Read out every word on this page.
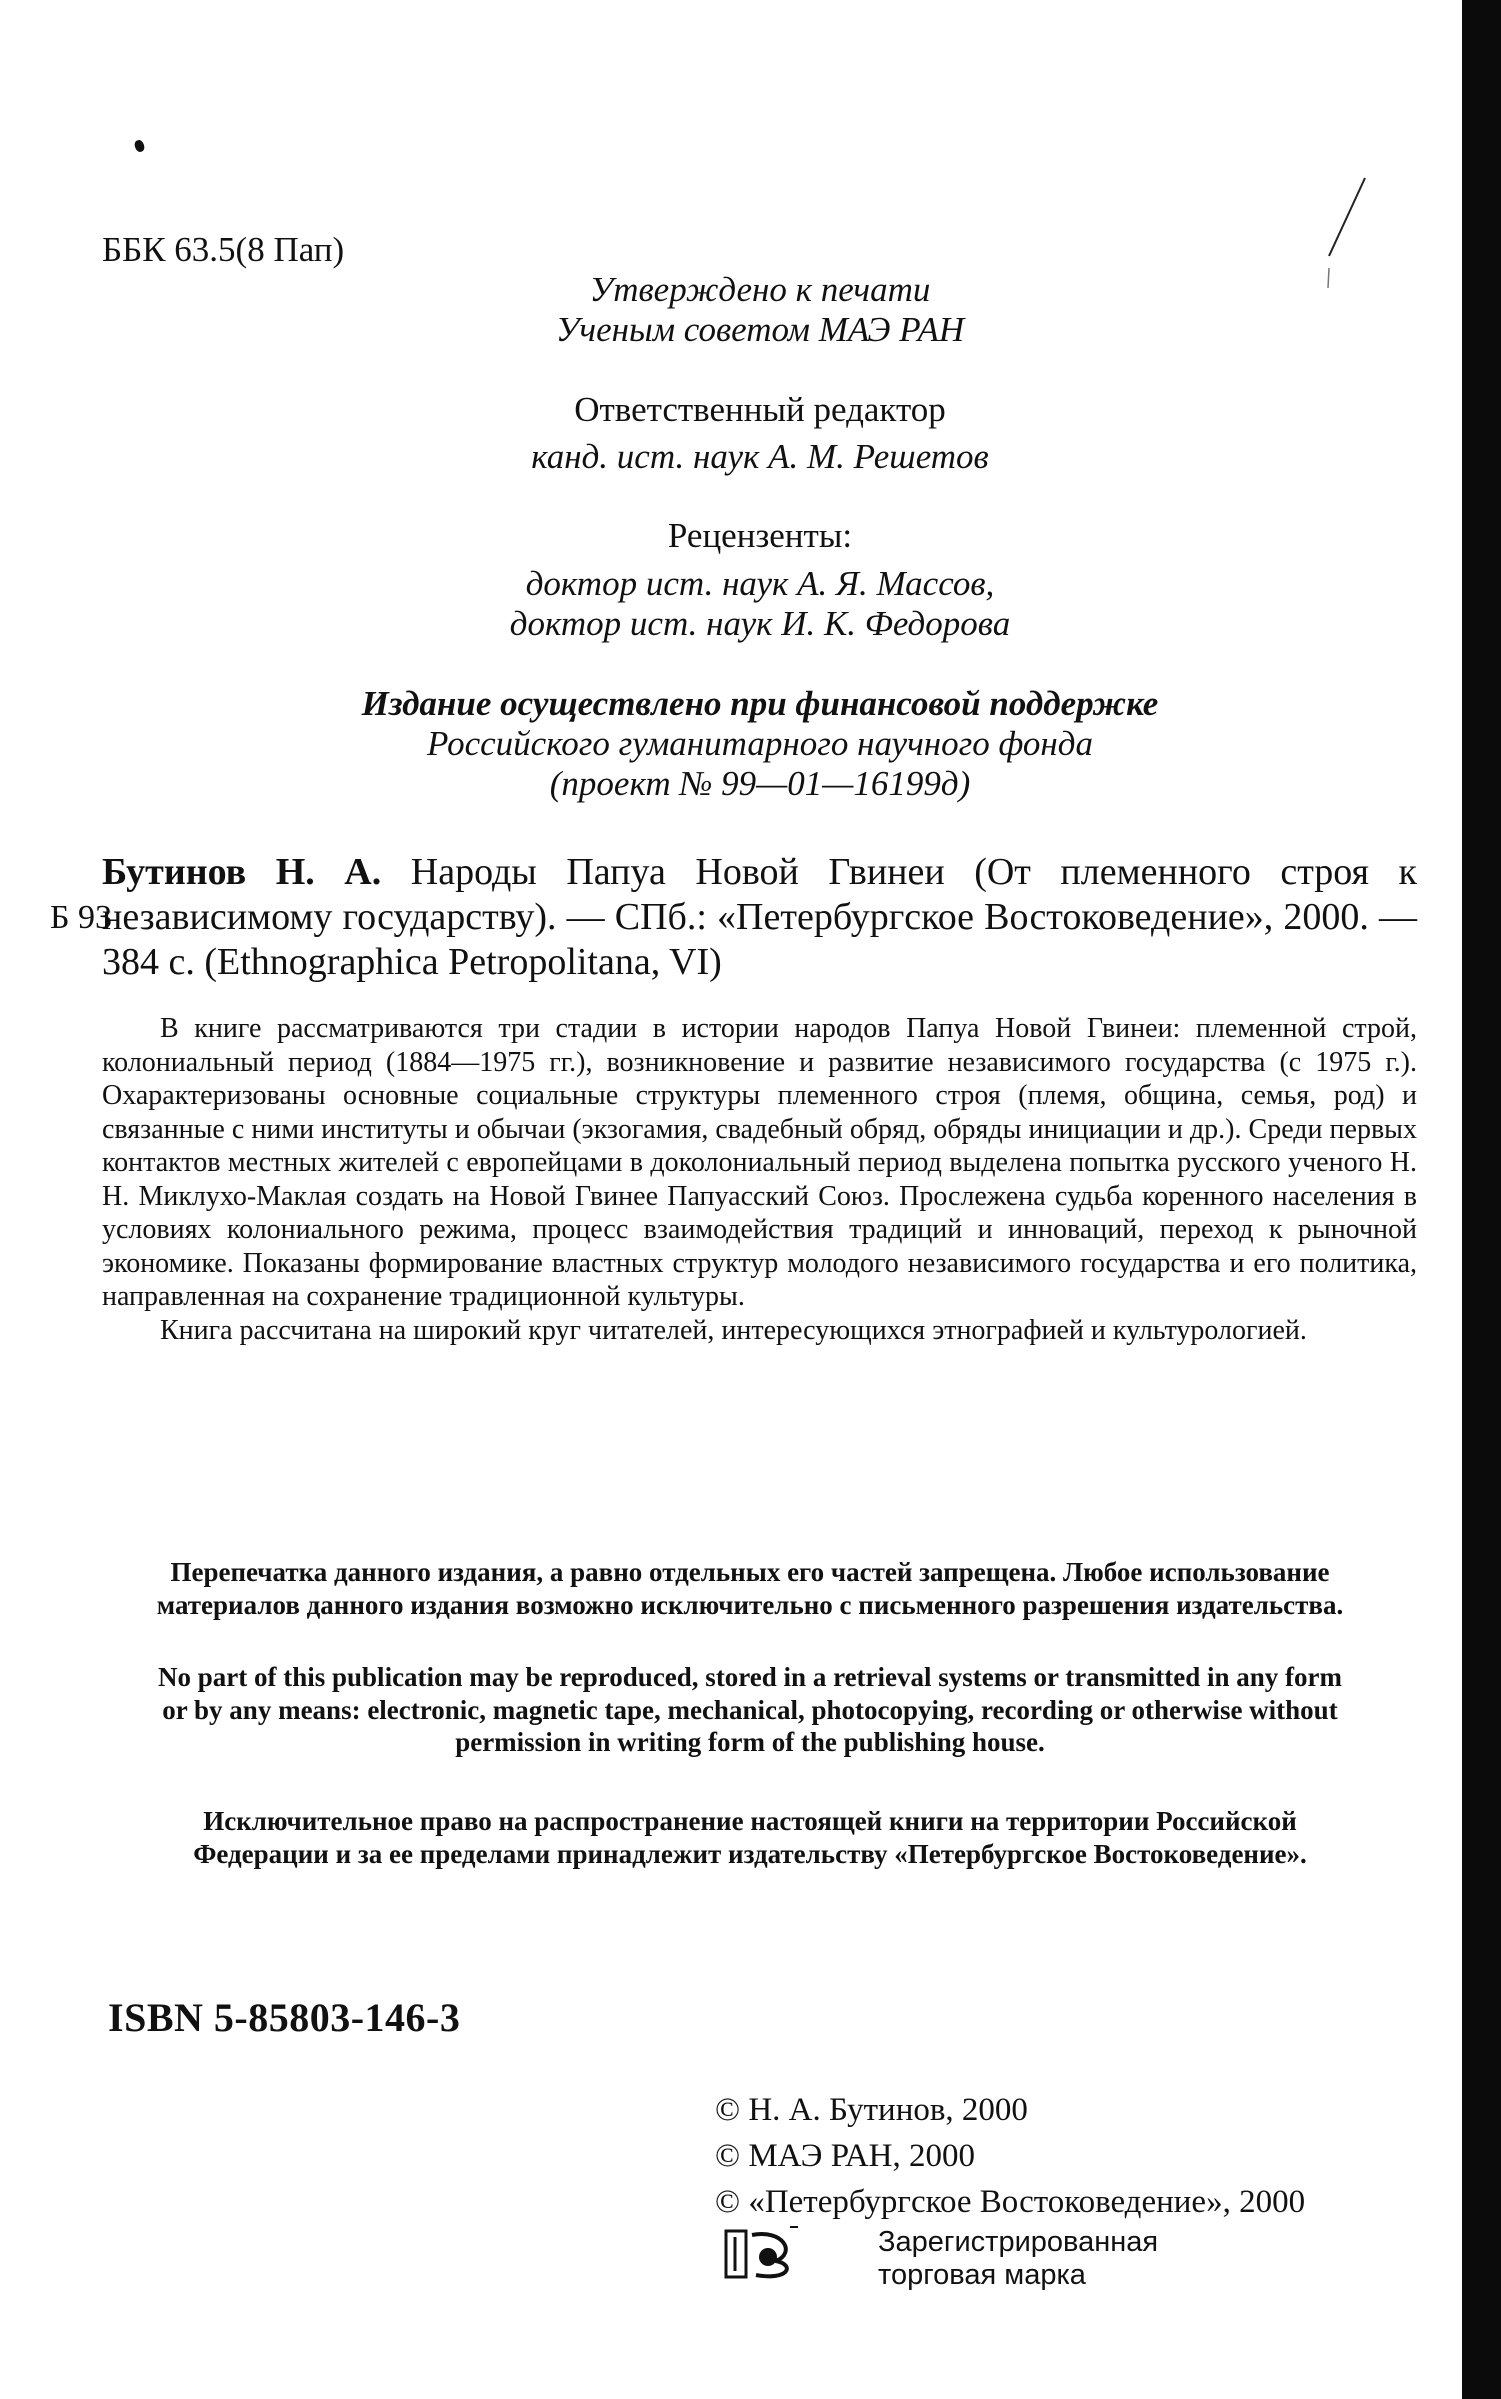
ББК 63.5(8 Пап)
Утверждено к печати
Ученым советом МАЭ РАН
Ответственный редактор
канд. ист. наук А. М. Решетов
Рецензенты:
доктор ист. наук А. Я. Массов,
доктор ист. наук И. К. Федорова
Издание осуществлено при финансовой поддержке
Российского гуманитарного научного фонда
(проект № 99—01—16199д)
Б 93
Бутинов Н. А. Народы Папуа Новой Гвинеи (От племенного строя к независимому государству). — СПб.: «Петербургское Востоковедение», 2000. — 384 с. (Ethnographica Petropolitana, VI)

В книге рассматриваются три стадии в истории народов Папуа Новой Гвинеи: племенной строй, колониальный период (1884—1975 гг.), возникновение и развитие независимого государства (с 1975 г.). Охарактеризованы основные социальные структуры племенного строя (племя, община, семья, род) и связанные с ними институты и обычаи (экзогамия, свадебный обряд, обряды инициации и др.). Среди первых контактов местных жителей с европейцами в доколониальный период выделена попытка русского ученого Н. Н. Миклухо-Маклая создать на Новой Гвинее Папуасский Союз. Прослежена судьба коренного населения в условиях колониального режима, процесс взаимодействия традиций и инноваций, переход к рыночной экономике. Показаны формирование властных структур молодого независимого государства и его политика, направленная на сохранение традиционной культуры.

Книга рассчитана на широкий круг читателей, интересующихся этнографией и культурологией.

Перепечатка данного издания, а равно отдельных его частей запрещена. Любое использование материалов данного издания возможно исключительно с письменного разрешения издательства.
No part of this publication may be reproduced, stored in a retrieval systems or transmitted in any form or by any means: electronic, magnetic tape, mechanical, photocopying, recording or otherwise without permission in writing form of the publishing house.
Исключительное право на распространение настоящей книги на территории Российской Федерации и за ее пределами принадлежит издательству «Петербургское Востоковедение».
ISBN 5-85803-146-3
© Н. А. Бутинов, 2000
© МАЭ РАН, 2000
© «Петербургское Востоковедение», 2000
Зарегистрированная
торговая марка
